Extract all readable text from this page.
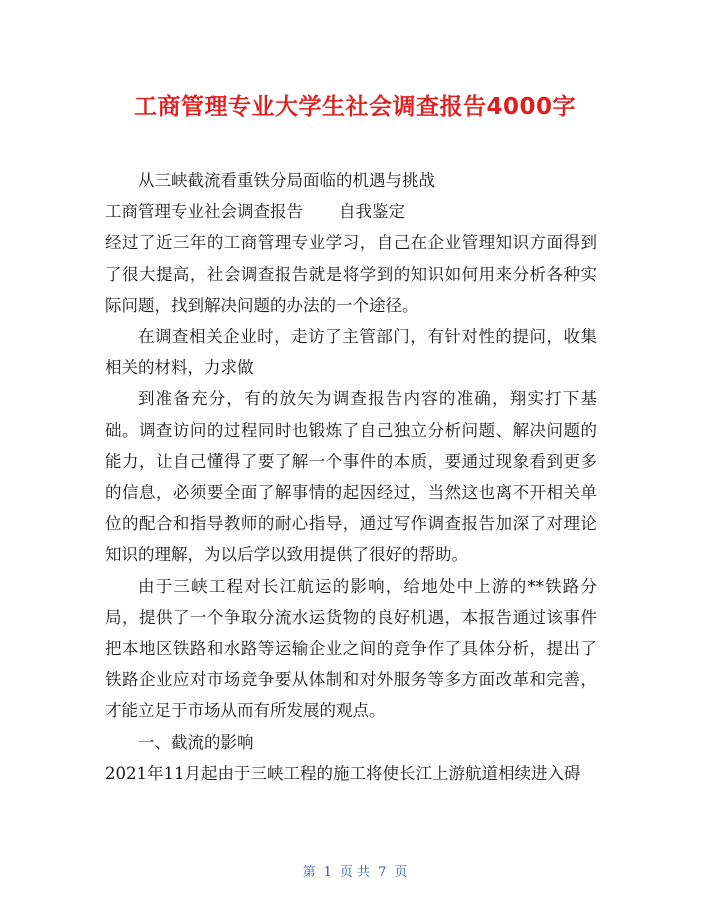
工商管理专业大学生社会调查报告4000字

从三峡截流看重铁分局面临的机遇与挑战

工商管理专业社会调查报告 自我鉴定

经过了近三年的工商管理专业学习，自己在企业管理知识方面得到了很大提高，社会调查报告就是将学到的知识如何用来分析各种实际问题，找到解决问题的办法的一个途径。

在调查相关企业时，走访了主管部门，有针对性的提问，收集相关的材料，力求做

到准备充分，有的放矢为调查报告内容的准确，翔实打下基础。调查访问的过程同时也锻炼了自己独立分析问题、解决问题的能力，让自己懂得了要了解一个事件的本质，要通过现象看到更多的信息，必须要全面了解事情的起因经过，当然这也离不开相关单位的配合和指导教师的耐心指导，通过写作调查报告加深了对理论知识的理解，为以后学以致用提供了很好的帮助。

由于三峡工程对长江航运的影响，给地处中上游的**铁路分局，提供了一个争取分流水运货物的良好机遇，本报告通过该事件把本地区铁路和水路等运输企业之间的竞争作了具体分析，提出了铁路企业应对市场竞争要从体制和对外服务等多方面改革和完善，才能立足于市场从而有所发展的观点。

一、截流的影响

2021年11月起由于三峡工程的施工将使长江上游航道相续进入碍

第 1 页 共 7 页
